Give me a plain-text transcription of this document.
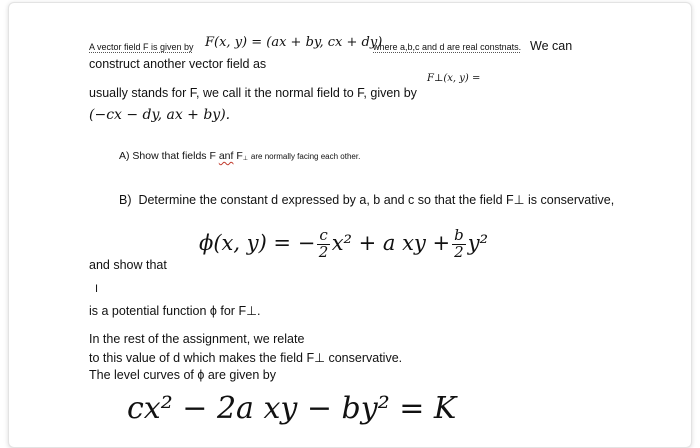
A vector field F is given by F(x, y) = (ax + by, cx + dy)
where a,b,c and d are real constnats. We can
construct another vector field as
usually stands for F, we call it the normal field to F, given by
F⊥(x, y) =
(−cx − dy, ax + by).
A) Show that fields F anf F⊥ are normally facing each other.
B) Determine the constant d expressed by a, b and c so that the field F⊥ is conservative,
ϕ(x, y) = − $\frac{c}{2} x^2 + a$ xy + $\frac{b}{2} y^2$
and show that
I
is a potential function ϕ for F⊥.
In the rest of the assignment, we relate
to this value of d which makes the field F⊥ conservative.
The level curves of ϕ are given by
cx² − 2a xy − by² = K
